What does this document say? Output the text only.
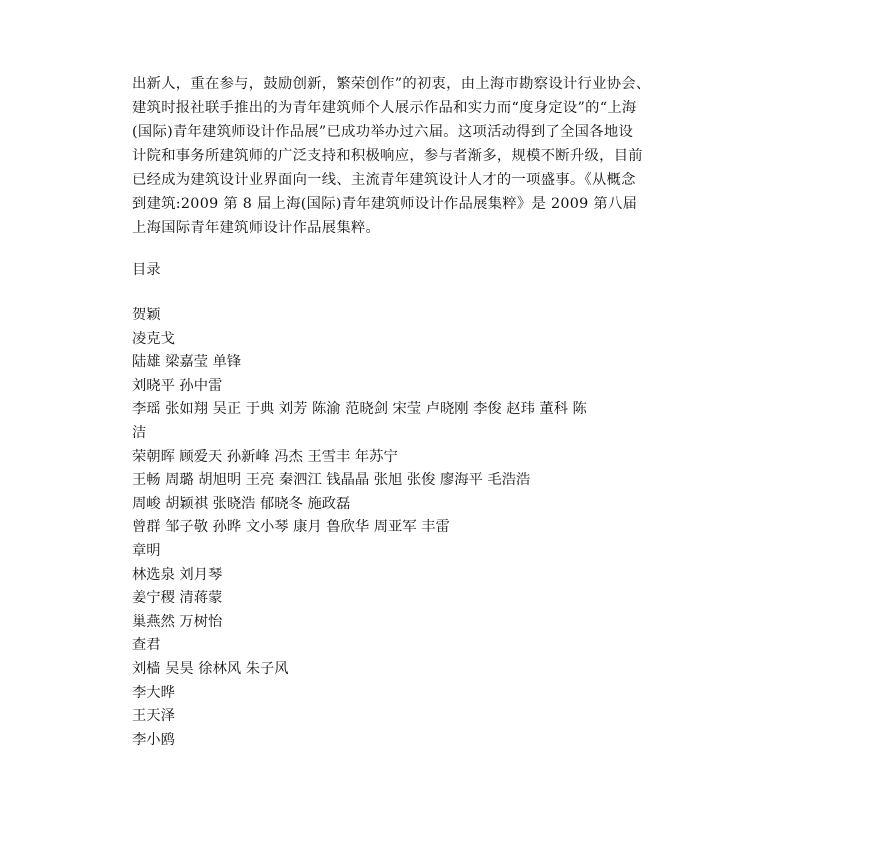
出新人，重在参与，鼓励创新，繁荣创作”的初衷，由上海市勘察设计行业协会、
建筑时报社联手推出的为青年建筑师个人展示作品和实力而“度身定设”的“上海
(国际)青年建筑师设计作品展”已成功举办过六届。这项活动得到了全国各地设
计院和事务所建筑师的广泛支持和积极响应，参与者渐多，规模不断升级，目前
已经成为建筑设计业界面向一线、主流青年建筑设计人才的一项盛事。《从概念
到建筑:2009 第 8 届上海(国际)青年建筑师设计作品展集粹》是 2009 第八届
上海国际青年建筑师设计作品展集粹。

目录
贺颖
凌克戈
陆雄 梁嘉莹 单锋
刘晓平 孙中雷
李瑶 张如翔 吴正 于典 刘芳 陈渝 范晓剑 宋莹 卢晓刚 李俊 赵玮 董科 陈
洁
荣朝晖 顾爱天 孙新峰 冯杰 王雪丰 年苏宁
王畅 周璐 胡旭明 王亮 秦泗江 钱晶晶 张旭 张俊 廖海平 毛浩浩
周峻 胡颖祺 张晓浩 郁晓冬 施政磊
曾群 邹子敬 孙晔 文小琴 康月 鲁欣华 周亚军 丰雷
章明
林选泉 刘月琴
姜宁稷 清蒋蒙
巢燕然 万树怡
查君
刘樯 吴昊 徐林风 朱子风
李大晔
王天泽
李小鸥
